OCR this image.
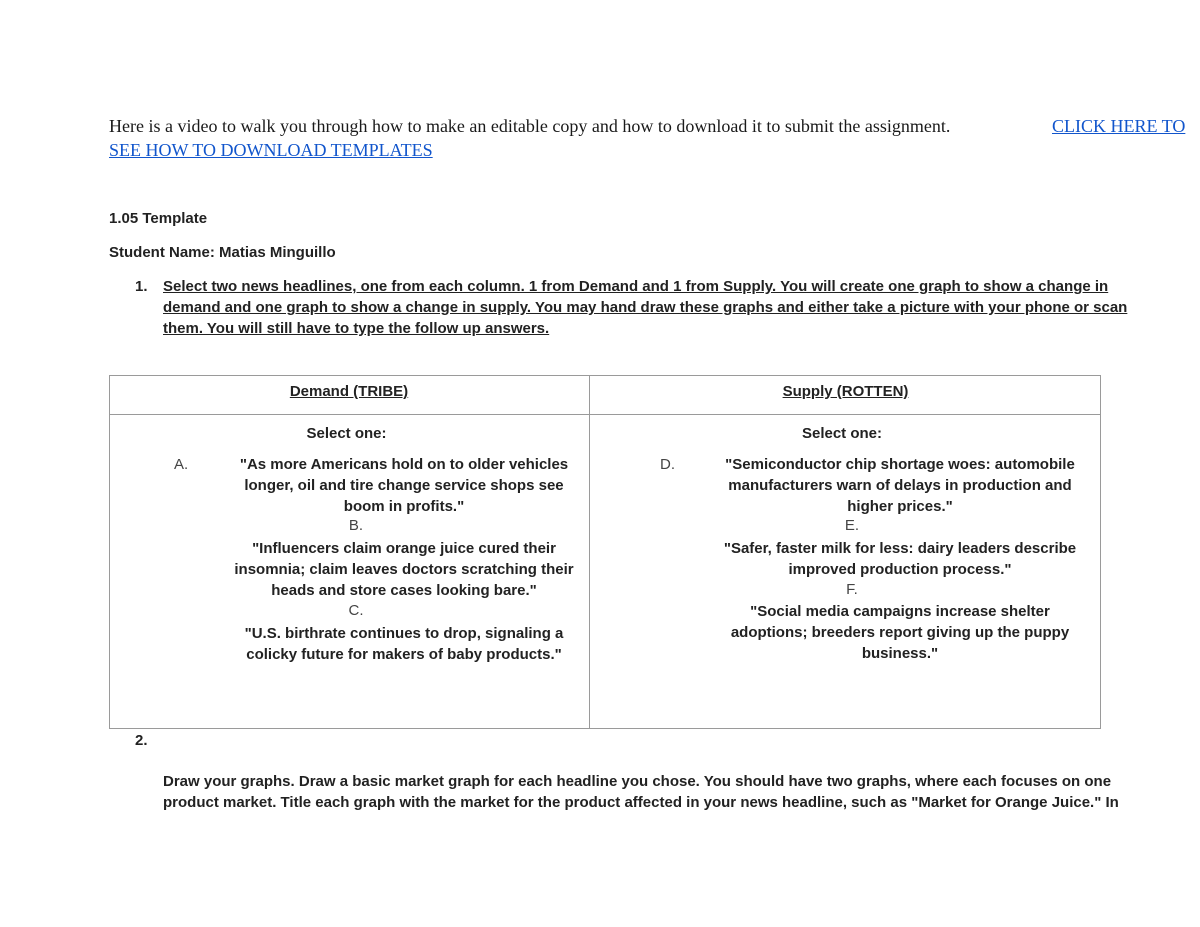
Here is a video to walk you through how to make an editable copy and how to download it to submit the assignment.	CLICK HERE TO
SEE HOW TO DOWNLOAD TEMPLATES
1.05 Template
Student Name: Matias Minguillo
1. Select two news headlines, one from each column. 1 from Demand and 1 from Supply. You will create one graph to show a change in
demand and one graph to show a change in supply. You may hand draw these graphs and either take a picture with your phone or scan
them. You will still have to type the follow up answers.
Demand (TRIBE)	Supply (ROTTEN)
Select one:
A.	"As more Americans hold on to older vehicles
longer, oil and tire change service shops see
boom in profits."
B.
"Influencers claim orange juice cured their
insomnia; claim leaves doctors scratching their
heads and store cases looking bare."
C.
"U.S. birthrate continues to drop, signaling a
colicky future for makers of baby products."
Select one:
D.	"Semiconductor chip shortage woes: automobile
manufacturers warn of delays in production and
higher prices."
E.
"Safer, faster milk for less: dairy leaders describe
improved production process."
F.
"Social media campaigns increase shelter
adoptions; breeders report giving up the puppy
business."
2.
Draw your graphs. Draw a basic market graph for each headline you chose. You should have two graphs, where each focuses on one
product market. Title each graph with the market for the product affected in your news headline, such as "Market for Orange Juice." In
